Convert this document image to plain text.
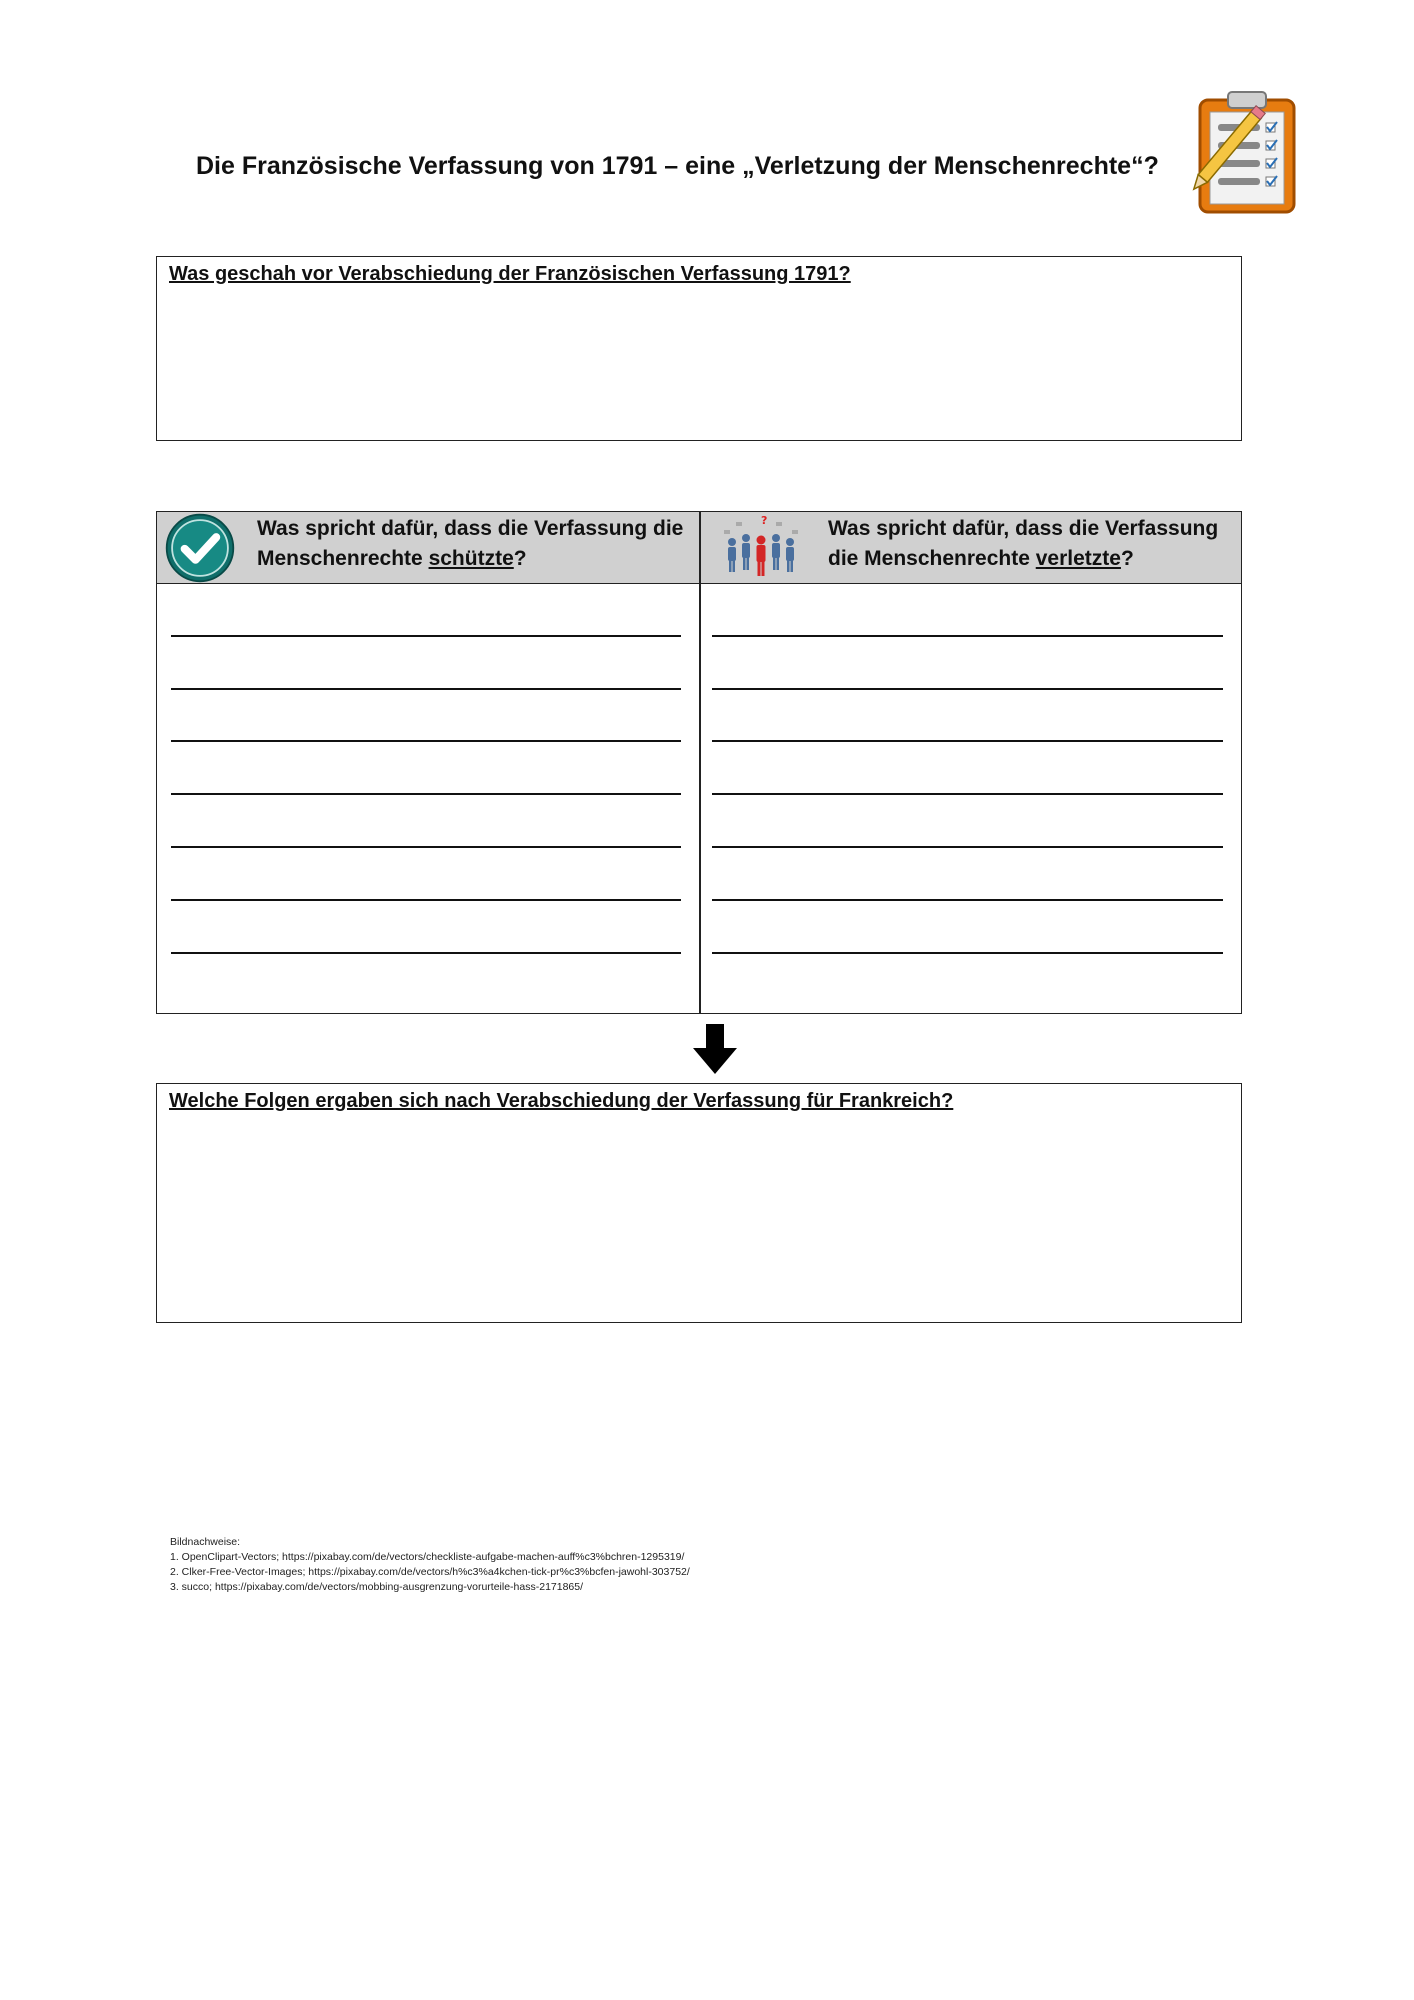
Die Französische Verfassung von 1791 – eine „Verletzung der Menschenrechte“?
Was geschah vor Verabschiedung der Französischen Verfassung 1791?
Was spricht dafür, dass die Verfassung die
Menschenrechte schützte?
?	Was spricht dafür, dass die Verfassung
die Menschenrechte verletzte?
Welche Folgen ergaben sich nach Verabschiedung der Verfassung für Frankreich?
Bildnachweise:
1. OpenClipart-Vectors; https://pixabay.com/de/vectors/checkliste-aufgabe-machen-auff%c3%bchren-1295319/
2. Clker-Free-Vector-Images; https://pixabay.com/de/vectors/h%c3%a4kchen-tick-pr%c3%bcfen-jawohl-303752/
3. succo; https://pixabay.com/de/vectors/mobbing-ausgrenzung-vorurteile-hass-2171865/
